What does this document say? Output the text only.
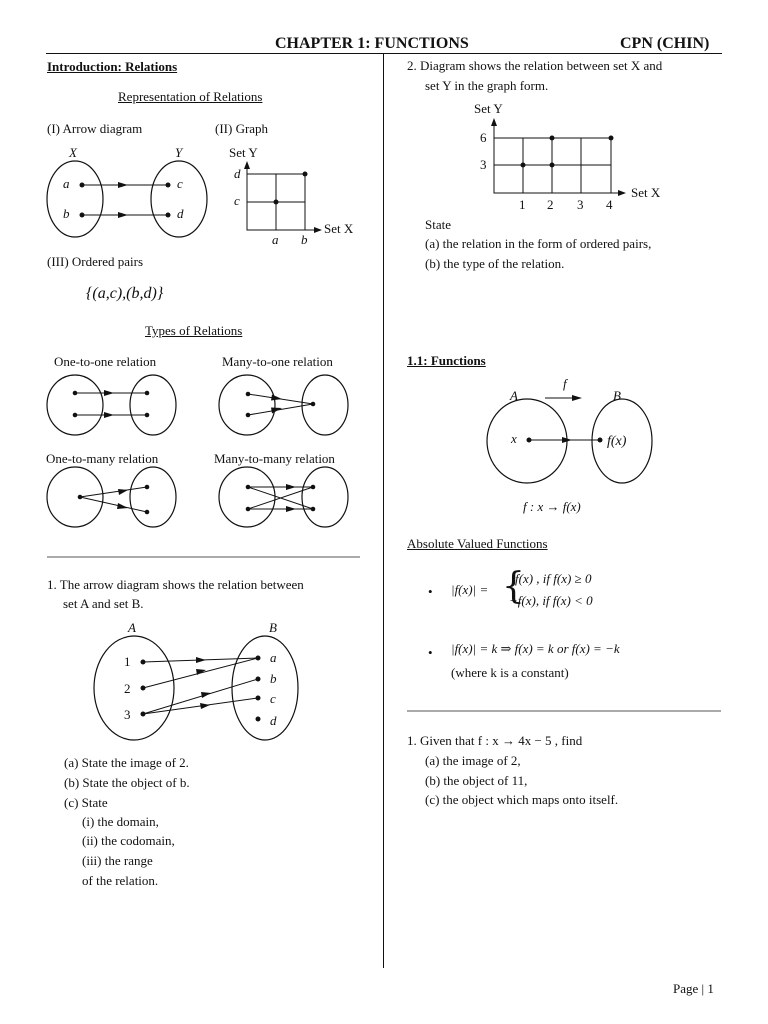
CHAPTER 1: FUNCTIONS	CPN (CHIN)
Introduction: Relations
Representation of Relations
(I) Arrow diagram	(II) Graph
X	Y
a
b
c
d
Set Y
d
c
a b
Set X
(III) Ordered pairs
{(a,c),(b,d)}
Types of Relations
One-to-one relation	Many-to-one relation
One-to-many relation	Many-to-many relation
1. The arrow diagram shows the relation between
set A and set B.
A	B
1
2
3
a
b
c
d
(a) State the image of 2.
(b) State the object of b.
(c) State
(i) the domain,
(ii) the codomain,
(iii) the range
of the relation.
2. Diagram shows the relation between set X and
set Y in the graph form.
Set Y
6
3
1 2 3 4
Set X
State
(a) the relation in the form of ordered pairs,
(b) the type of the relation.
1.1: Functions
f
A	B
x	f(x)
f : x → f(x)
Absolute Valued Functions
• |f(x)| = {
f(x) , if f(x) ≥ 0
−f(x), if f(x) < 0
• |f(x)| = k ⇒ f(x) = k or f(x) = −k
(where k is a constant)
1. Given that f : x → 4x − 5 , find
(a) the image of 2,
(b) the object of 11,
(c) the object which maps onto itself.
Page | 1
